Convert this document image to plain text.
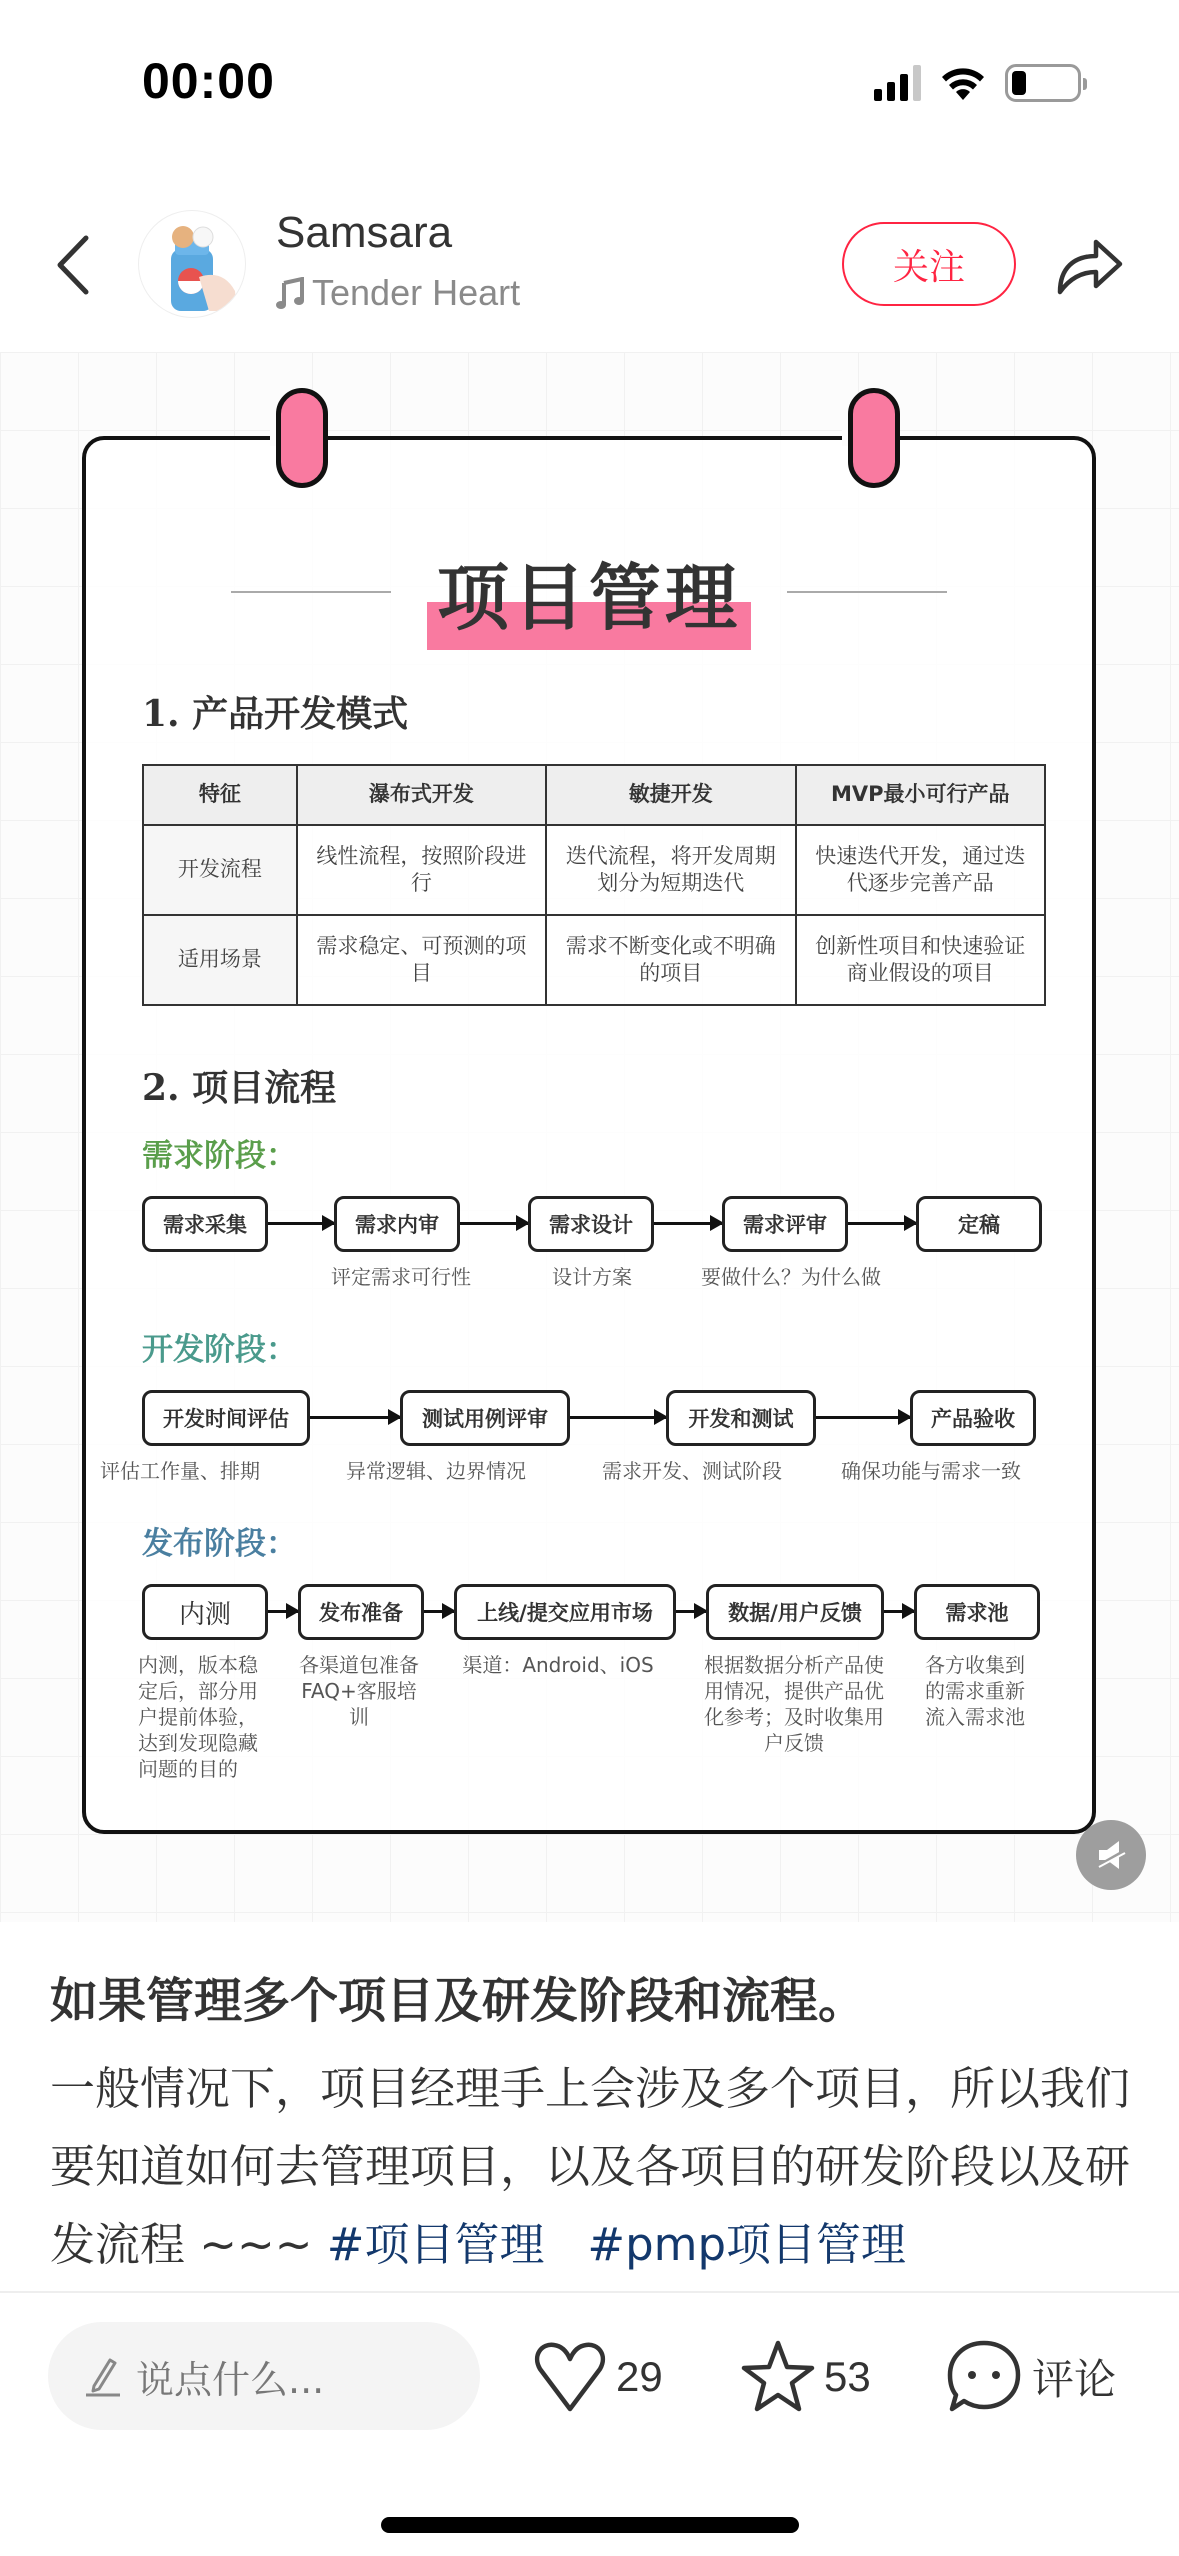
00:00
Samsara
Tender Heart
关注
项目管理
1. 产品开发模式
特征	瀑布式开发	敏捷开发	MVP最小可行产品
开发流程	线性流程，按照阶段进行	迭代流程，将开发周期划分为短期迭代	快速迭代开发，通过迭代逐步完善产品
适用场景	需求稳定、可预测的项目	需求不断变化或不明确的项目	创新性项目和快速验证商业假设的项目
2. 项目流程
需求阶段：
需求采集	需求内审	需求设计	需求评审	定稿
评定需求可行性	设计方案	要做什么？为什么做
开发阶段：
开发时间评估	测试用例评审	开发和测试	产品验收
评估工作量、排期	异常逻辑、边界情况	需求开发、测试阶段	确保功能与需求一致
发布阶段：
内测	发布准备	上线/提交应用市场	数据/用户反馈	需求池
内测，版本稳定后，部分用户提前体验，达到发现隐藏问题的目的
各渠道包准备FAQ+客服培训
渠道：Android、iOS	根据数据分析产品使用情况，提供产品优化参考；及时收集用户反馈
各方收集到的需求重新流入需求池
如果管理多个项目及研发阶段和流程。
一般情况下，项目经理手上会涉及多个项目，所以我们要知道如何去管理项目，以及各项目的研发阶段以及研发流程 ~~~ #项目管理 #pmp项目管理
说点什么...	29	53	评论
